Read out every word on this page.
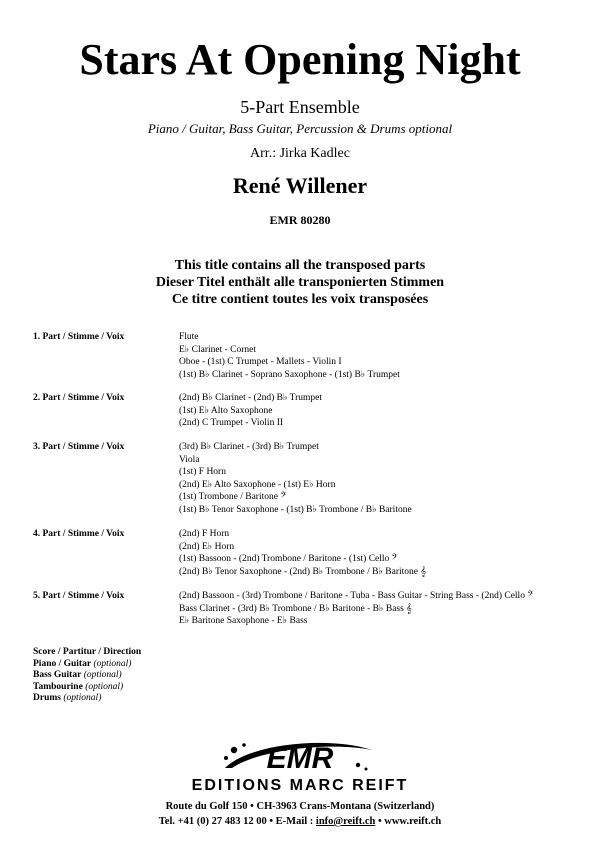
Stars At Opening Night
5-Part Ensemble
Piano / Guitar, Bass Guitar, Percussion & Drums optional
Arr.: Jirka Kadlec
René Willener
EMR 80280
This title contains all the transposed parts
Dieser Titel enthält alle transponierten Stimmen
Ce titre contient toutes les voix transposées
1. Part / Stimme / Voix	Flute
E♭ Clarinet - Cornet
Oboe - (1st) C Trumpet - Mallets - Violin I
(1st) B♭ Clarinet - Soprano Saxophone - (1st) B♭ Trumpet
2. Part / Stimme / Voix	(2nd) B♭ Clarinet - (2nd) B♭ Trumpet
(1st) E♭ Alto Saxophone
(2nd) C Trumpet - Violin II
3. Part / Stimme / Voix	(3rd) B♭ Clarinet - (3rd) B♭ Trumpet
Viola
(1st) F Horn
(2nd) E♭ Alto Saxophone - (1st) E♭ Horn
(1st) Trombone / Baritone 𝄢
(1st) B♭ Tenor Saxophone - (1st) B♭ Trombone / B♭ Baritone
4. Part / Stimme / Voix	(2nd) F Horn
(2nd) E♭ Horn
(1st) Bassoon - (2nd) Trombone / Baritone - (1st) Cello 𝄢
(2nd) B♭ Tenor Saxophone - (2nd) B♭ Trombone / B♭ Baritone 𝄞
5. Part / Stimme / Voix	(2nd) Bassoon - (3rd) Trombone / Baritone - Tuba - Bass Guitar - String Bass - (2nd) Cello 𝄢
Bass Clarinet - (3rd) B♭ Trombone / B♭ Baritone - B♭ Bass 𝄞
E♭ Baritone Saxophone - E♭ Bass
Score / Partitur / Direction
Piano / Guitar (optional)
Bass Guitar (optional)
Tambourine (optional)
Drums (optional)
EMR
EDITIONS MARC REIFT
Route du Golf 150 • CH-3963 Crans-Montana (Switzerland)
Tel. +41 (0) 27 483 12 00 • E-Mail : info@reift.ch • www.reift.ch
